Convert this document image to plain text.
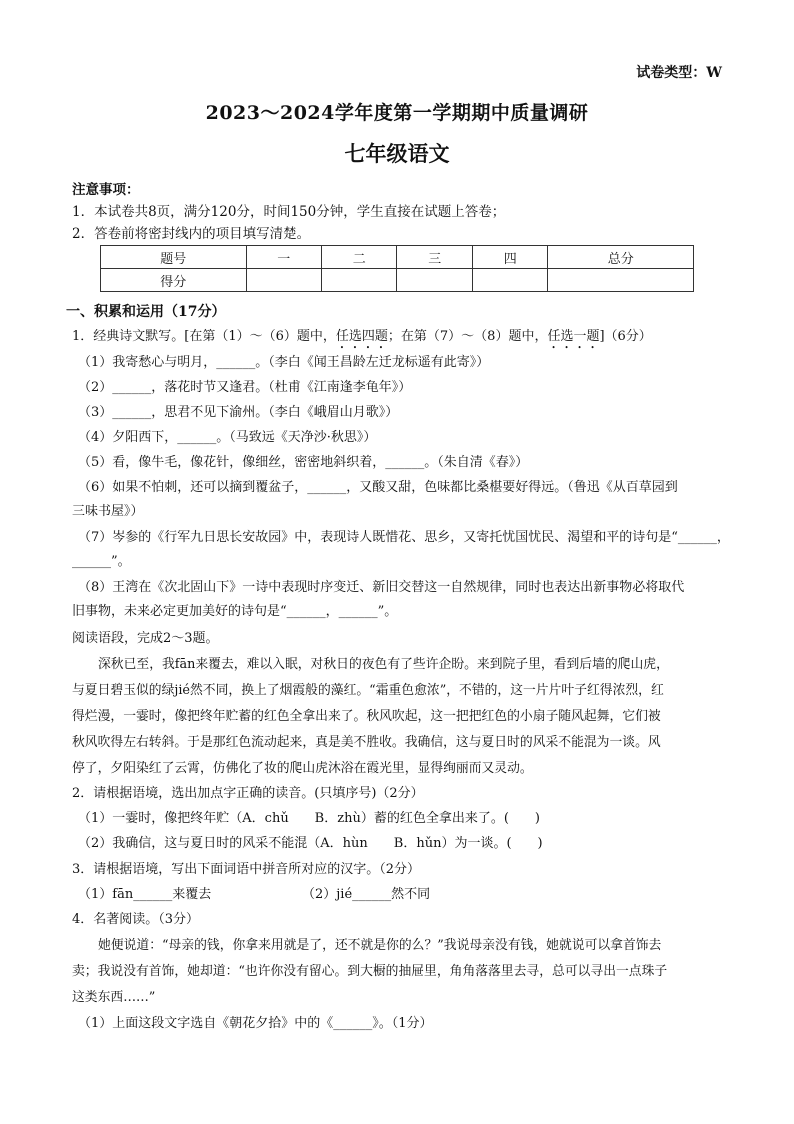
试卷类型：W
2023～2024学年度第一学期期中质量调研
七年级语文
注意事项：
1．本试卷共8页，满分120分，时间150分钟，学生直接在试题上答卷；
2．答卷前将密封线内的项目填写清楚。
题号	一	二	三	四	总分
得分					
一、积累和运用（17分）
1．经典诗文默写。[在第（1）～（6）题中，任选四题；在第（7）～（8）题中，任选一题]（6分）
（1）我寄愁心与明月，______。（李白《闻王昌龄左迁龙标遥有此寄》）
（2）______，落花时节又逢君。（杜甫《江南逢李龟年》）
（3）______，思君不见下渝州。（李白《峨眉山月歌》）
（4）夕阳西下，______。（马致远《天净沙·秋思》）
（5）看，像牛毛，像花针，像细丝，密密地斜织着，______。（朱自清《春》）
（6）如果不怕刺，还可以摘到覆盆子，______，又酸又甜，色味都比桑椹要好得远。（鲁迅《从百草园到
三味书屋》）
（7）岑参的《行军九日思长安故园》中，表现诗人既惜花、思乡，又寄托忧国忧民、渴望和平的诗句是“______，
______”。
（8）王湾在《次北固山下》一诗中表现时序变迁、新旧交替这一自然规律，同时也表达出新事物必将取代
旧事物，未来必定更加美好的诗句是“______，______”。
阅读语段，完成2～3题。
深秋已至，我fān来覆去，难以入眠，对秋日的夜色有了些许企盼。来到院子里，看到后墙的爬山虎，
与夏日碧玉似的绿jié然不同，换上了烟霞般的藻红。“霜重色愈浓”，不错的，这一片片叶子红得浓烈，红
得烂漫，一霎时，像把终年贮蓄的红色全拿出来了。秋风吹起，这一把把红色的小扇子随风起舞，它们被
秋风吹得左右转斜。于是那红色流动起来，真是美不胜收。我确信，这与夏日时的风采不能混为一谈。风
停了，夕阳染红了云霄，仿佛化了妆的爬山虎沐浴在霞光里，显得绚丽而又灵动。
2．请根据语境，选出加点字正确的读音。(只填序号)（2分）
（1）一霎时，像把终年贮（A．chǔ　　B．zhù）蓄的红色全拿出来了。(　　)
（2）我确信，这与夏日时的风采不能混（A．hùn　　B．hǔn）为一谈。(　　)
3．请根据语境，写出下面词语中拼音所对应的汉字。（2分）
（1）fān______来覆去	（2）jié______然不同
4．名著阅读。（3分）
她便说道：“母亲的钱，你拿来用就是了，还不就是你的么？”我说母亲没有钱，她就说可以拿首饰去
卖；我说没有首饰，她却道：“也许你没有留心。到大橱的抽屉里，角角落落里去寻，总可以寻出一点珠子
这类东西……”
（1）上面这段文字选自《朝花夕拾》中的《______》。（1分）
